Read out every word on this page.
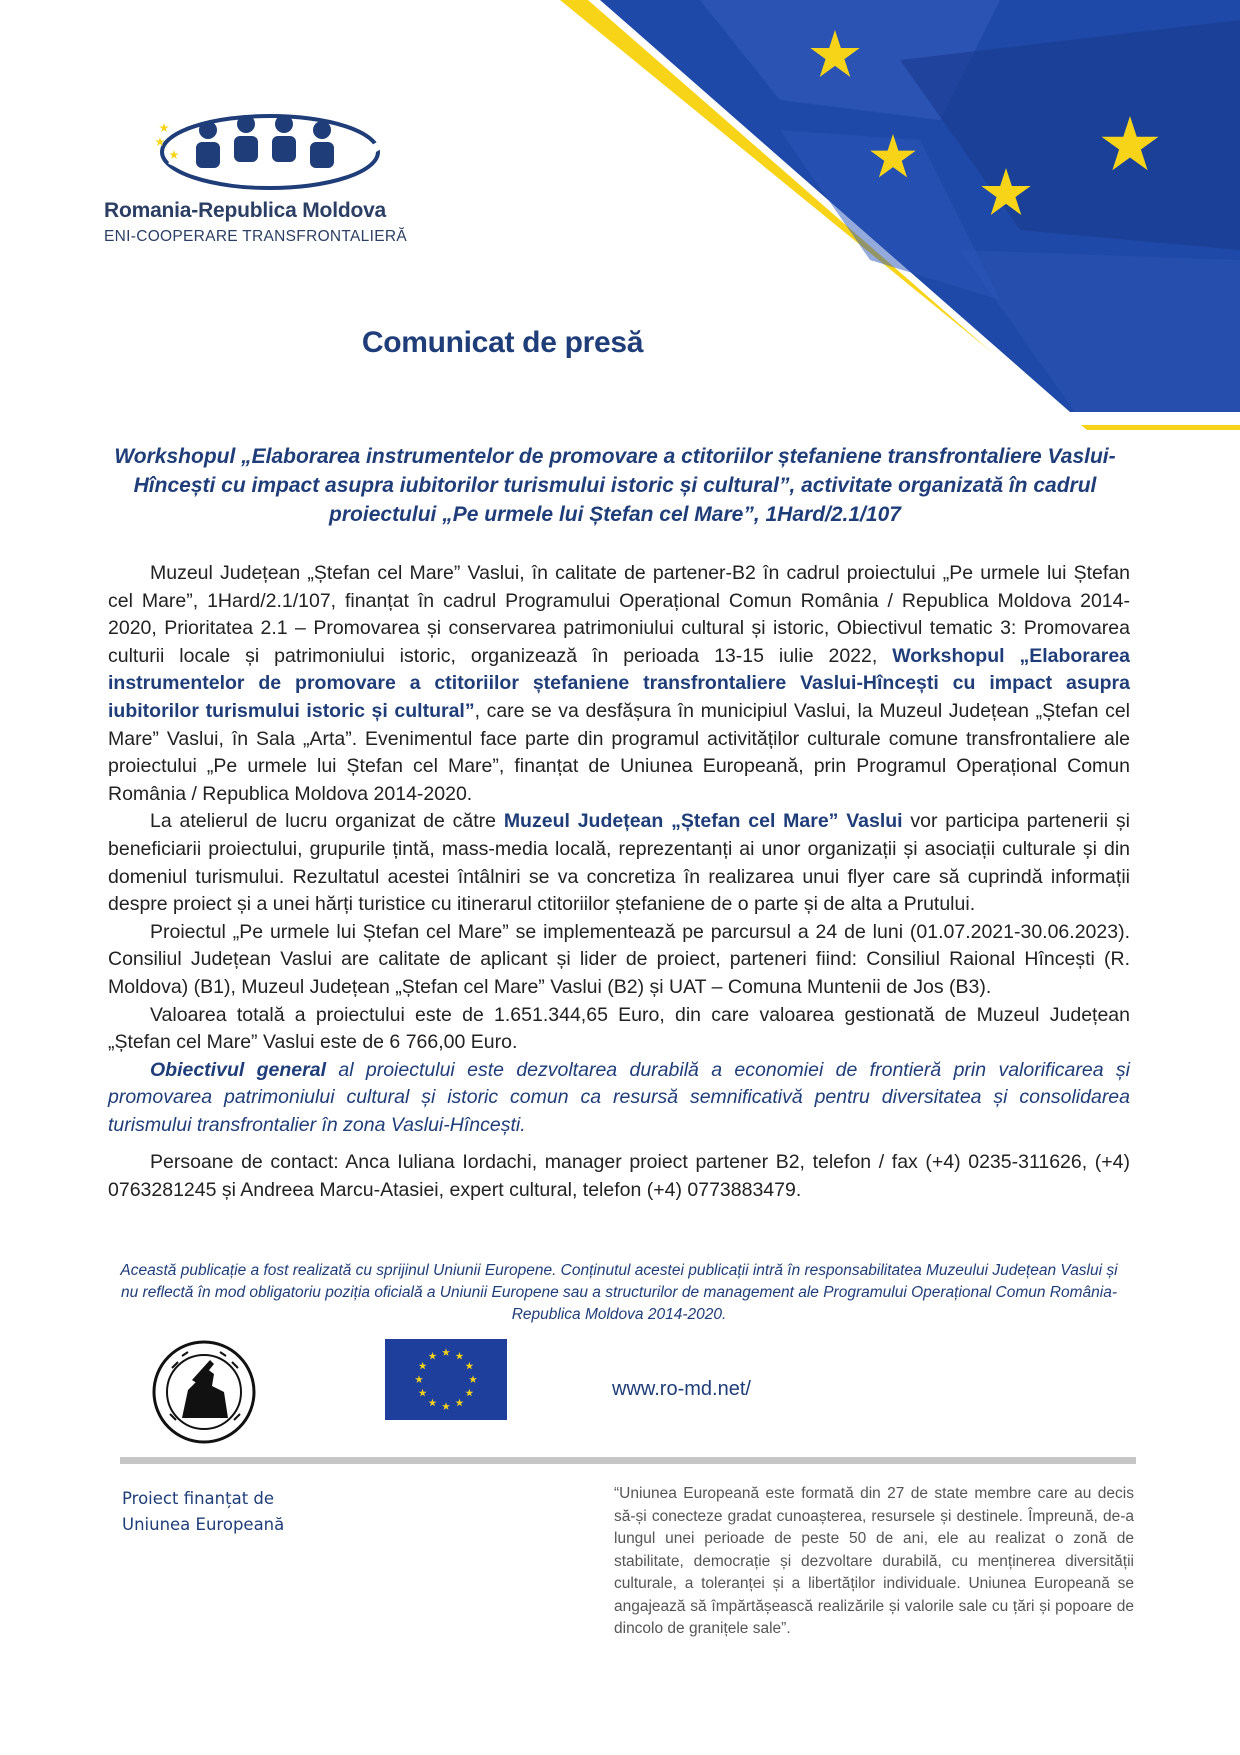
Romania-Republica Moldova
ENI-COOPERARE TRANSFRONTALIERĂ
Comunicat de presă
Workshopul „Elaborarea instrumentelor de promovare a ctitoriilor ștefaniene transfrontaliere Vaslui-Hîncești cu impact asupra iubitorilor turismului istoric și cultural”, activitate organizată în cadrul proiectului „Pe urmele lui Ștefan cel Mare”, 1Hard/2.1/107

Muzeul Județean „Ștefan cel Mare” Vaslui, în calitate de partener-B2 în cadrul proiectului „Pe urmele lui Ștefan cel Mare”, 1Hard/2.1/107, finanțat în cadrul Programului Operațional Comun România / Republica Moldova 2014-2020, Prioritatea 2.1 – Promovarea și conservarea patrimoniului cultural și istoric, Obiectivul tematic 3: Promovarea culturii locale și patrimoniului istoric, organizează în perioada 13-15 iulie 2022, Workshopul „Elaborarea instrumentelor de promovare a ctitoriilor ștefaniene transfrontaliere Vaslui-Hîncești cu impact asupra iubitorilor turismului istoric și cultural”, care se va desfășura în municipiul Vaslui, la Muzeul Județean „Ștefan cel Mare” Vaslui, în Sala „Arta”. Evenimentul face parte din programul activităților culturale comune transfrontaliere ale proiectului „Pe urmele lui Ștefan cel Mare”, finanțat de Uniunea Europeană, prin Programul Operațional Comun România / Republica Moldova 2014-2020.

La atelierul de lucru organizat de către Muzeul Județean „Ștefan cel Mare” Vaslui vor participa partenerii și beneficiarii proiectului, grupurile țintă, mass-media locală, reprezentanți ai unor organizații și asociații culturale și din domeniul turismului. Rezultatul acestei întâlniri se va concretiza în realizarea unui flyer care să cuprindă informații despre proiect și a unei hărți turistice cu itinerarul ctitoriilor ștefaniene de o parte și de alta a Prutului.

Proiectul „Pe urmele lui Ștefan cel Mare” se implementează pe parcursul a 24 de luni (01.07.2021-30.06.2023). Consiliul Județean Vaslui are calitate de aplicant și lider de proiect, parteneri fiind: Consiliul Raional Hîncești (R. Moldova) (B1), Muzeul Județean „Ștefan cel Mare” Vaslui (B2) și UAT – Comuna Muntenii de Jos (B3).

Valoarea totală a proiectului este de 1.651.344,65 Euro, din care valoarea gestionată de Muzeul Județean „Ștefan cel Mare” Vaslui este de 6 766,00 Euro.

Obiectivul general al proiectului este dezvoltarea durabilă a economiei de frontieră prin valorificarea și promovarea patrimoniului cultural și istoric comun ca resursă semnificativă pentru diversitatea și consolidarea turismului transfrontalier în zona Vaslui-Hîncești.

Persoane de contact: Anca Iuliana Iordachi, manager proiect partener B2, telefon / fax (+4) 0235-311626, (+4) 0763281245 și Andreea Marcu-Atasiei, expert cultural, telefon (+4) 0773883479.

Această publicație a fost realizată cu sprijinul Uniunii Europene. Conținutul acestei publicații intră în responsabilitatea Muzeului Județean Vaslui și nu reflectă în mod obligatoriu poziția oficială a Uniunii Europene sau a structurilor de management ale Programului Operațional Comun România-Republica Moldova 2014-2020.
www.ro-md.net/
Proiect finanțat de
Uniunea Europeană
“Uniunea Europeană este formată din 27 de state membre care au decis să-și conecteze gradat cunoașterea, resursele și destinele. Împreună, de-a lungul unei perioade de peste 50 de ani, ele au realizat o zonă de stabilitate, democrație și dezvoltare durabilă, cu menținerea diversității culturale, a toleranței și a libertăților individuale. Uniunea Europeană se angajează să împărtășească realizările și valorile sale cu țări și popoare de dincolo de granițele sale”.
